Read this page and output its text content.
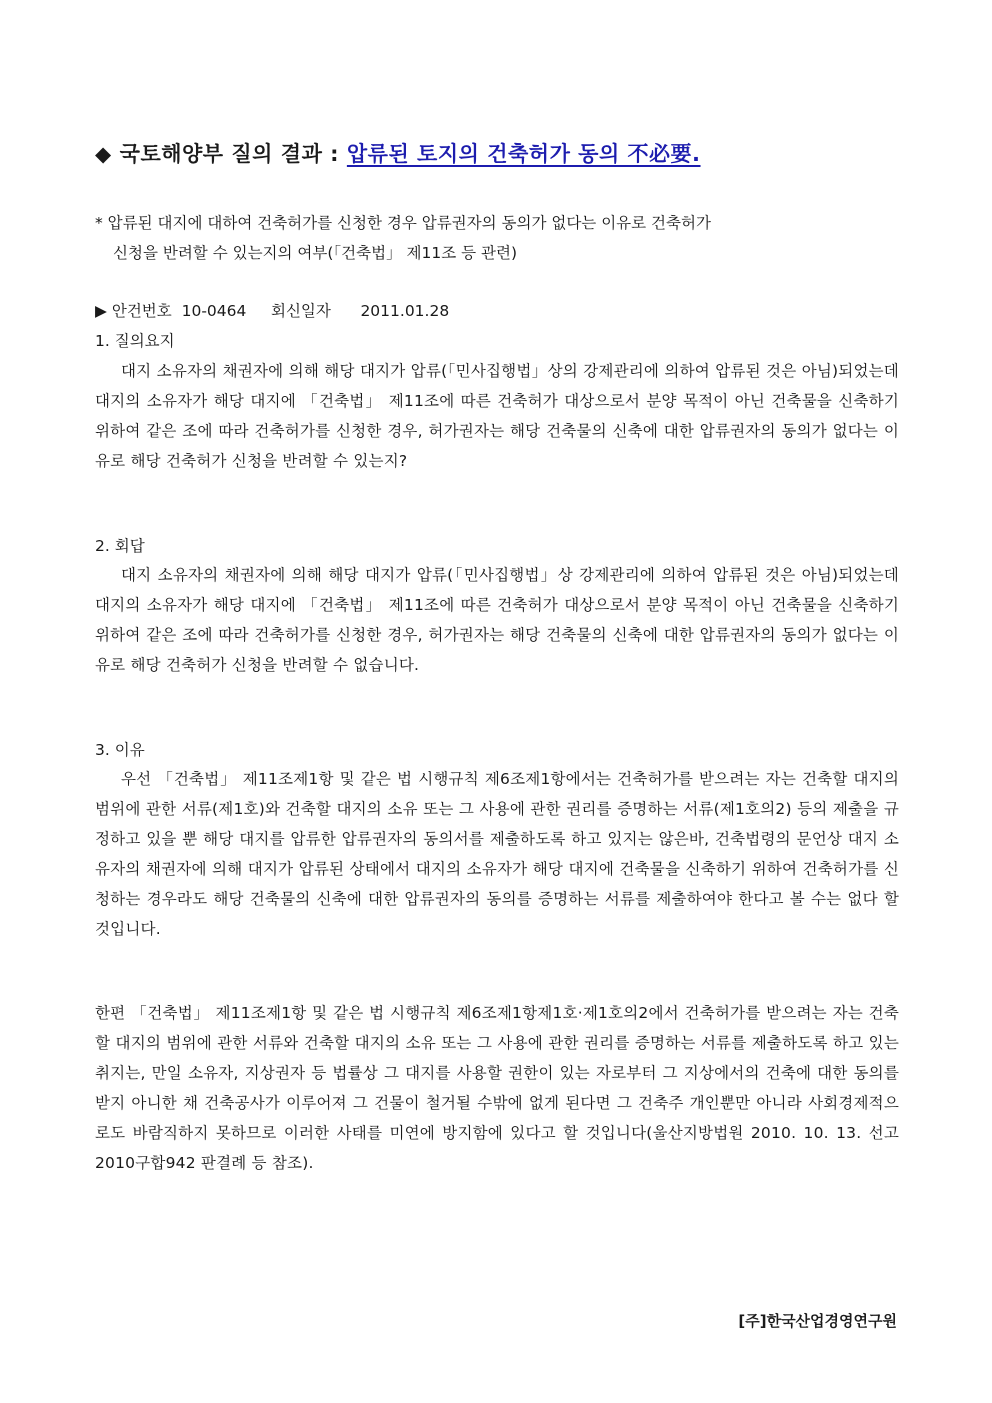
◆ 국토해양부 질의 결과 : 압류된 토지의 건축허가 동의 不必要.
* 압류된 대지에 대하여 건축허가를 신청한 경우 압류권자의 동의가 없다는 이유로 건축허가
신청을 반려할 수 있는지의 여부(「건축법」 제11조 등 관련)
▶ 안건번호  10-0464     회신일자      2011.01.28
1. 질의요지
대지 소유자의 채권자에 의해 해당 대지가 압류(「민사집행법」상의 강제관리에 의하여 압류된 것은 아님)되었는데 대지의 소유자가 해당 대지에 「건축법」 제11조에 따른 건축허가 대상으로서 분양 목적이 아닌 건축물을 신축하기 위하여 같은 조에 따라 건축허가를 신청한 경우, 허가권자는 해당 건축물의 신축에 대한 압류권자의 동의가 없다는 이유로 해당 건축허가 신청을 반려할 수 있는지?
2. 회답
대지 소유자의 채권자에 의해 해당 대지가 압류(「민사집행법」상 강제관리에 의하여 압류된 것은 아님)되었는데 대지의 소유자가 해당 대지에 「건축법」 제11조에 따른 건축허가 대상으로서 분양 목적이 아닌 건축물을 신축하기 위하여 같은 조에 따라 건축허가를 신청한 경우, 허가권자는 해당 건축물의 신축에 대한 압류권자의 동의가 없다는 이유로 해당 건축허가 신청을 반려할 수 없습니다.
3. 이유
우선 「건축법」 제11조제1항 및 같은 법 시행규칙 제6조제1항에서는 건축허가를 받으려는 자는 건축할 대지의 범위에 관한 서류(제1호)와 건축할 대지의 소유 또는 그 사용에 관한 권리를 증명하는 서류(제1호의2) 등의 제출을 규정하고 있을 뿐 해당 대지를 압류한 압류권자의 동의서를 제출하도록 하고 있지는 않은바, 건축법령의 문언상 대지 소유자의 채권자에 의해 대지가 압류된 상태에서 대지의 소유자가 해당 대지에 건축물을 신축하기 위하여 건축허가를 신청하는 경우라도 해당 건축물의 신축에 대한 압류권자의 동의를 증명하는 서류를 제출하여야 한다고 볼 수는 없다 할 것입니다.
한편 「건축법」 제11조제1항 및 같은 법 시행규칙 제6조제1항제1호·제1호의2에서 건축허가를 받으려는 자는 건축할 대지의 범위에 관한 서류와 건축할 대지의 소유 또는 그 사용에 관한 권리를 증명하는 서류를 제출하도록 하고 있는 취지는, 만일 소유자, 지상권자 등 법률상 그 대지를 사용할 권한이 있는 자로부터 그 지상에서의 건축에 대한 동의를 받지 아니한 채 건축공사가 이루어져 그 건물이 철거될 수밖에 없게 된다면 그 건축주 개인뿐만 아니라 사회경제적으로도 바람직하지 못하므로 이러한 사태를 미연에 방지함에 있다고 할 것입니다(울산지방법원 2010. 10. 13. 선고 2010구합942 판결례 등 참조).
[주]한국산업경영연구원
